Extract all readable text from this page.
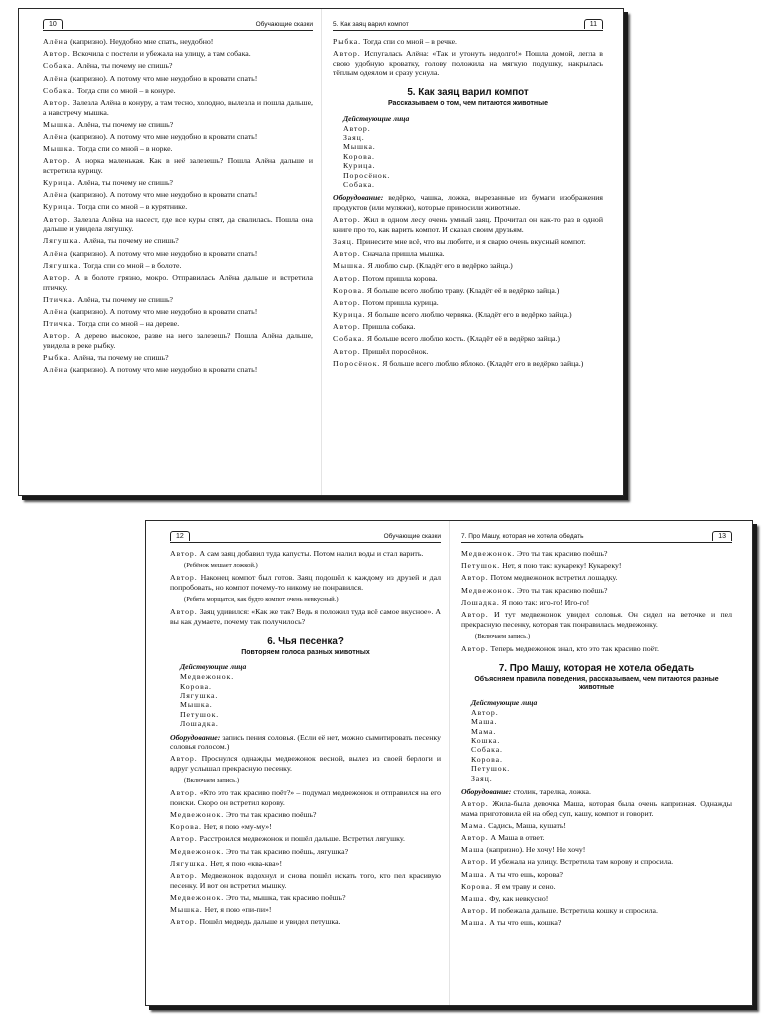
10	Обучающие сказки

Алёна (капризно). Неудобно мне спать, неудобно!

Автор. Вскочила с постели и убежала на улицу, а там собака.

Собака. Алёна, ты почему не спишь?

Алёна (капризно). А потому что мне неудобно в кровати спать!

Собака. Тогда спи со мной – в конуре.

Автор. Залезла Алёна в конуру, а там тесно, холодно, вылезла и пошла дальше, а навстречу мышка.

Мышка. Алёна, ты почему не спишь?

Алёна (капризно). А потому что мне неудобно в кровати спать!

Мышка. Тогда спи со мной – в норке.

Автор. А норка маленькая. Как в неё залезешь? Пошла Алёна дальше и встретила курицу.

Курица. Алёна, ты почему не спишь?

Алёна (капризно). А потому что мне неудобно в кровати спать!

Курица. Тогда спи со мной – в курятнике.

Автор. Залезла Алёна на насест, где все куры спят, да свалилась. Пошла она дальше и увидела лягушку.

Лягушка. Алёна, ты почему не спишь?

Алёна (капризно). А потому что мне неудобно в кровати спать!

Лягушка. Тогда спи со мной – в болоте.

Автор. А в болоте грязно, мокро. Отправилась Алёна дальше и встретила птичку.

Птичка. Алёна, ты почему не спишь?

Алёна (капризно). А потому что мне неудобно в кровати спать!

Птичка. Тогда спи со мной – на дереве.

Автор. А дерево высокое, разве на него залезешь? Пошла Алёна дальше, увидела в реке рыбку.

Рыбка. Алёна, ты почему не спишь?

Алёна (капризно). А потому что мне неудобно в кровати спать!

5. Как заяц варил компот	11

Рыбка. Тогда спи со мной – в речке.

Автор. Испугалась Алёна: «Так и утонуть недолго!» Пошла домой, легла в свою удобную кроватку, голову положила на мягкую подушку, накрылась тёплым одеялом и сразу уснула.

5. Как заяц варил компот
Рассказываем о том, чем питаются животные
Действующие лица
Автор.
Заяц.
Мышка.
Корова.
Курица.
Поросёнок.
Собака.

Оборудование: ведёрко, чашка, ложка, вырезанные из бумаги изображения продуктов (или муляжи), которые приносили животные.

Автор. Жил в одном лесу очень умный заяц. Прочитал он как-то раз в одной книге про то, как варить компот. И сказал своим друзьям.

Заяц. Принесите мне всё, что вы любите, и я сварю очень вкусный компот.

Автор. Сначала пришла мышка.

Мышка. Я люблю сыр. (Кладёт его в ведёрко зайца.)

Автор. Потом пришла корова.

Корова. Я больше всего люблю траву. (Кладёт её в ведёрко зайца.)

Автор. Потом пришла курица.

Курица. Я больше всего люблю червяка. (Кладёт его в ведёрко зайца.)

Автор. Пришла собака.

Собака. Я больше всего люблю кость. (Кладёт её в ведёрко зайца.)

Автор. Пришёл поросёнок.

Поросёнок. Я больше всего люблю яблоко. (Кладёт его в ведёрко зайца.)

12	Обучающие сказки

Автор. А сам заяц добавил туда капусты. Потом налил воды и стал варить.

(Ребёнок мешает ложкой.)

Автор. Наконец компот был готов. Заяц подошёл к каждому из друзей и дал попробовать, но компот почему-то никому не понравился.

(Ребята морщатся, как будто компот очень невкусный.)

Автор. Заяц удивился: «Как же так? Ведь я положил туда всё самое вкусное». А вы как думаете, почему так получилось?

6. Чья песенка?
Повторяем голоса разных животных
Действующие лица
Медвежонок.
Корова.
Лягушка.
Мышка.
Петушок.
Лошадка.

Оборудование: запись пения соловья. (Если её нет, можно сымитировать песенку соловья голосом.)

Автор. Проснулся однажды медвежонок весной, вылез из своей берлоги и вдруг услышал прекрасную песенку.

(Включаем запись.)

Автор. «Кто это так красиво поёт?» – подумал медвежонок и отправился на его поиски. Скоро он встретил корову.

Медвежонок. Это ты так красиво поёшь?

Корова. Нет, я пою «му-му»!

Автор. Расстроился медвежонок и пошёл дальше. Встретил лягушку.

Медвежонок. Это ты так красиво поёшь, лягушка?

Лягушка. Нет, я пою «ква-ква»!

Автор. Медвежонок вздохнул и снова пошёл искать того, кто пел красивую песенку. И вот он встретил мышку.

Медвежонок. Это ты, мышка, так красиво поёшь?

Мышка. Нет, я пою «пи-пи»!

Автор. Пошёл медведь дальше и увидел петушка.

7. Про Машу, которая не хотела обедать	13

Медвежонок. Это ты так красиво поёшь?

Петушок. Нет, я пою так: кукареку! Кукареку!

Автор. Потом медвежонок встретил лошадку.

Медвежонок. Это ты так красиво поёшь?

Лошадка. Я пою так: иго-го! Иго-го!

Автор. И тут медвежонок увидел соловья. Он сидел на веточке и пел прекрасную песенку, которая так понравилась медвежонку.

(Включаем запись.)

Автор. Теперь медвежонок знал, кто это так красиво поёт.

7. Про Машу, которая не хотела обедать
Объясняем правила поведения, рассказываем, чем питаются разные животные
Действующие лица
Автор.
Маша.
Мама.
Кошка.
Собака.
Корова.
Петушок.
Заяц.

Оборудование: столик, тарелка, ложка.

Автор. Жила-была девочка Маша, которая была очень капризная. Однажды мама приготовила ей на обед суп, кашу, компот и говорит.

Мама. Садись, Маша, кушать!

Автор. А Маша в ответ.

Маша (капризно). Не хочу! Не хочу!

Автор. И убежала на улицу. Встретила там корову и спросила.

Маша. А ты что ешь, корова?

Корова. Я ем траву и сено.

Маша. Фу, как невкусно!

Автор. И побежала дальше. Встретила кошку и спросила.

Маша. А ты что ешь, кошка?
